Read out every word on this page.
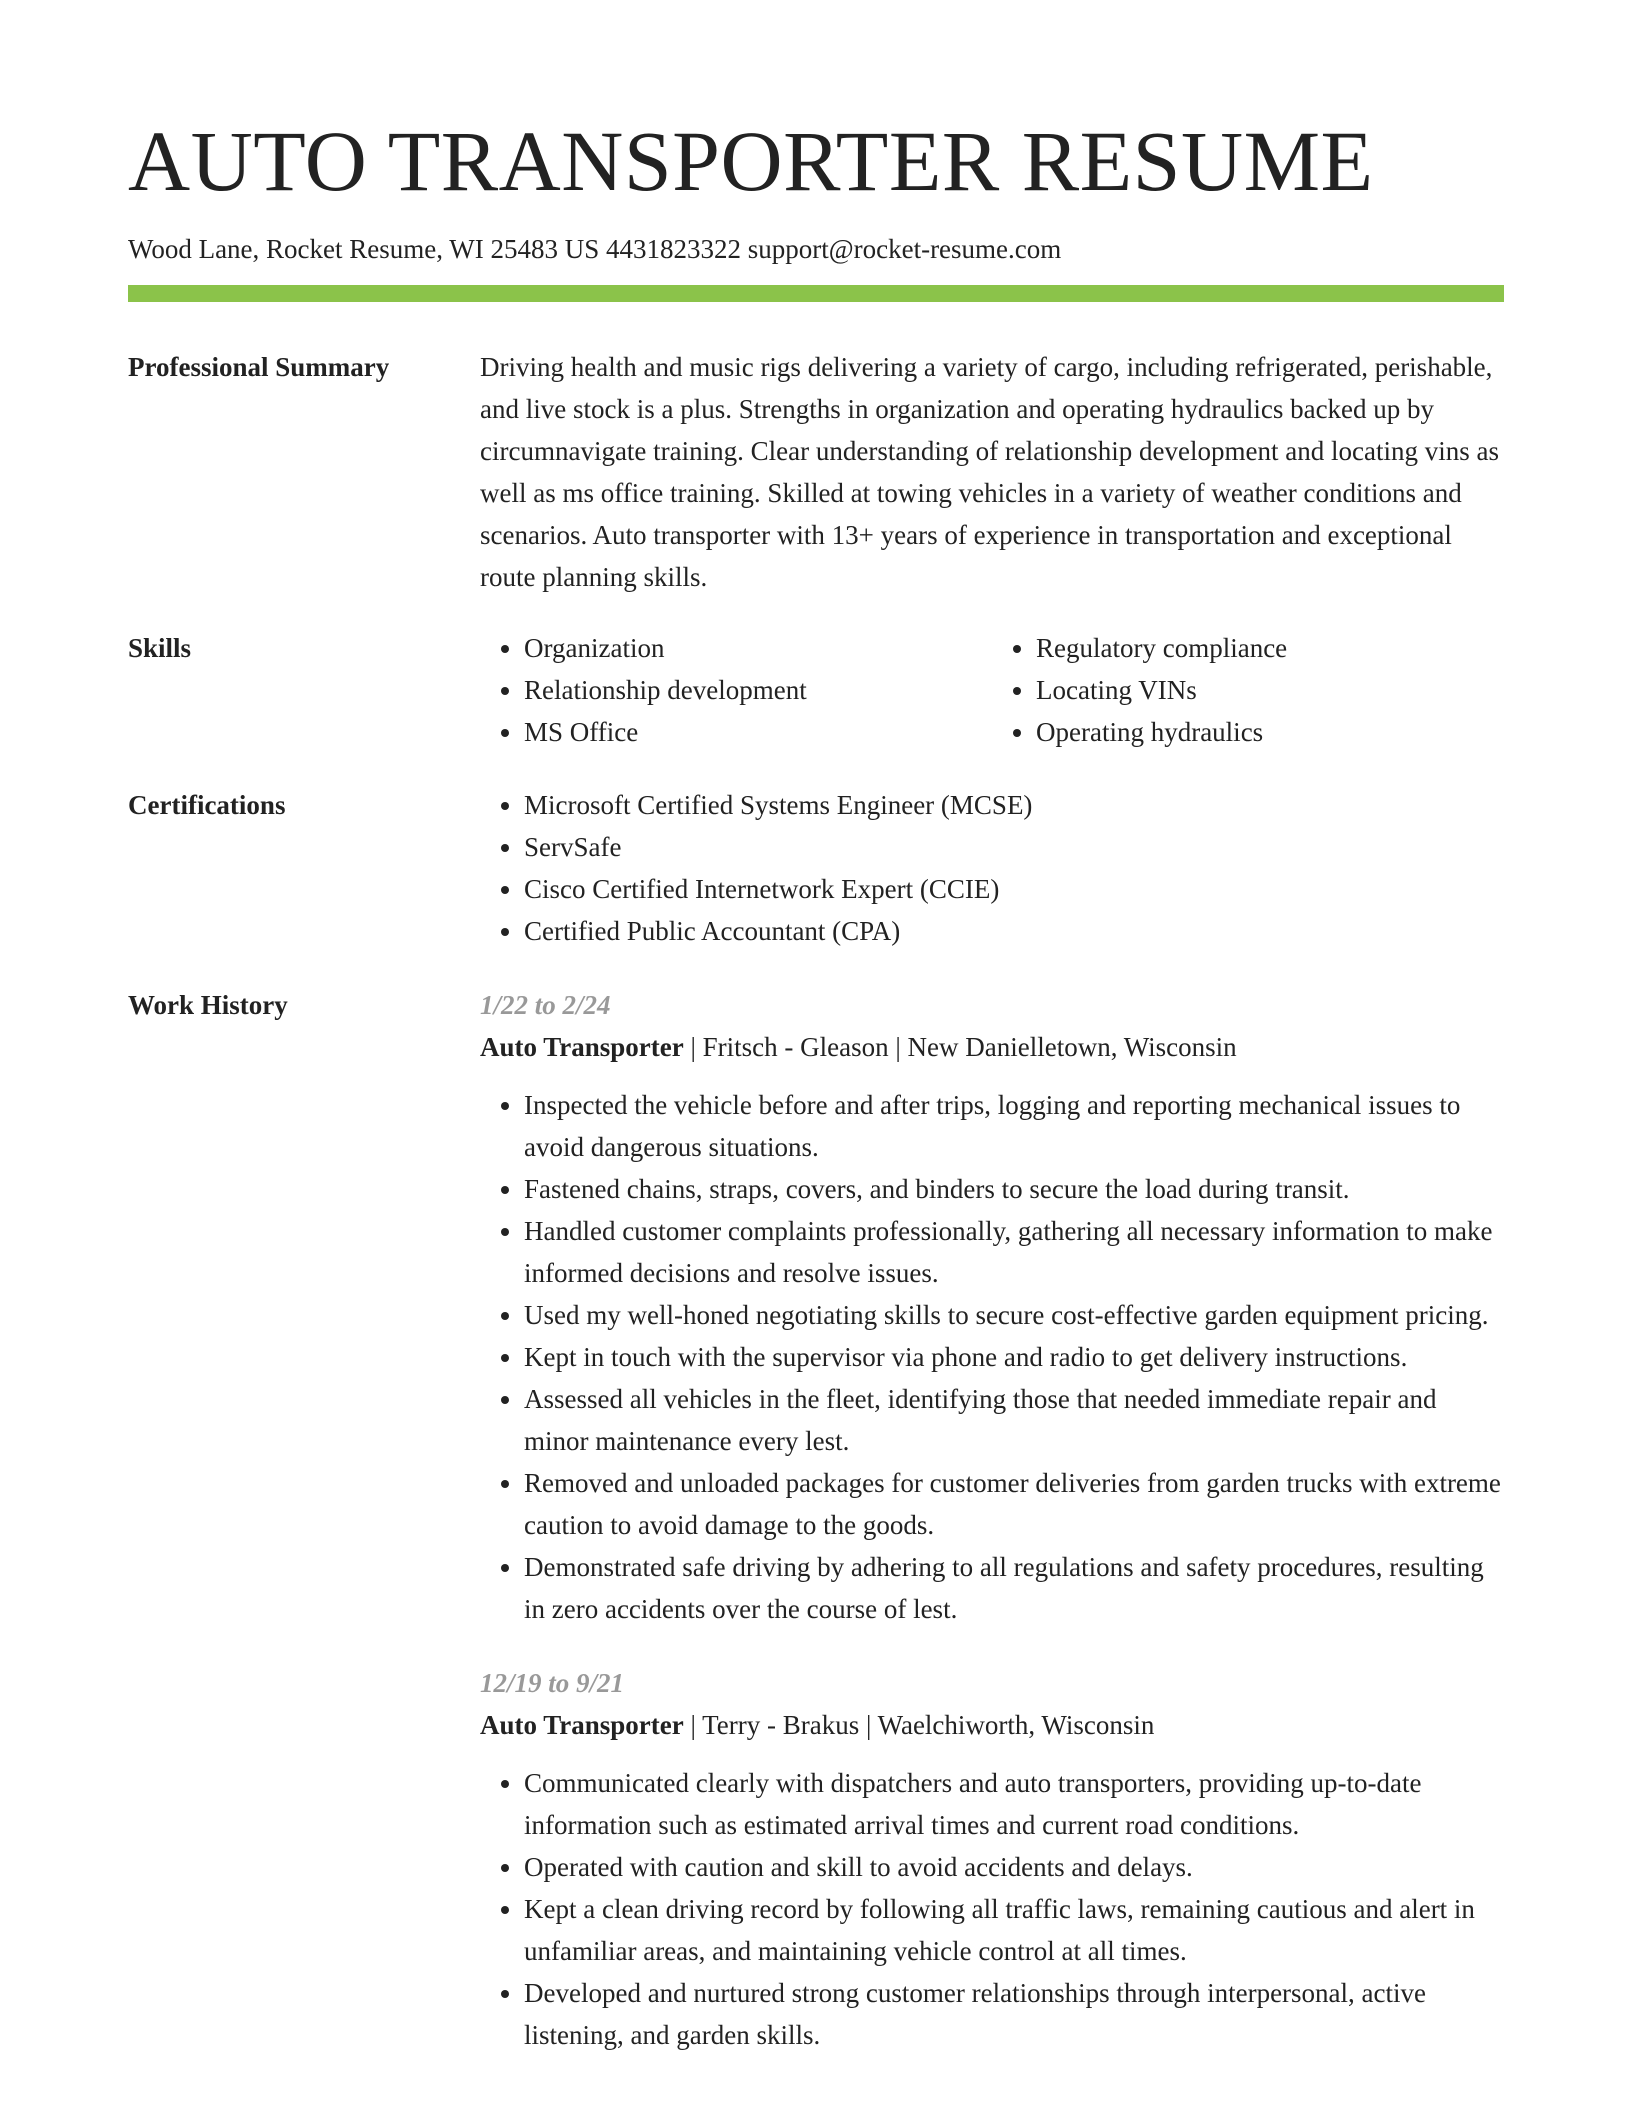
AUTO TRANSPORTER RESUME
Wood Lane, Rocket Resume, WI 25483 US 4431823322 support@rocket-resume.com
Professional Summary	Driving health and music rigs delivering a variety of cargo, including refrigerated, perishable, and live stock is a plus. Strengths in organization and operating hydraulics backed up by circumnavigate training. Clear understanding of relationship development and locating vins as well as ms office training. Skilled at towing vehicles in a variety of weather conditions and scenarios. Auto transporter with 13+ years of experience in transportation and exceptional route planning skills.

Skills	• Organization
• Relationship development
• MS Office
• Regulatory compliance
• Locating VINs
• Operating hydraulics
Certifications	• Microsoft Certified Systems Engineer (MCSE)
• ServSafe
• Cisco Certified Internetwork Expert (CCIE)
• Certified Public Accountant (CPA)
Work History	1/22 to 2/24
Auto Transporter | Fritsch - Gleason | New Danielletown, Wisconsin
• Inspected the vehicle before and after trips, logging and reporting mechanical issues to avoid dangerous situations.
• Fastened chains, straps, covers, and binders to secure the load during transit.
• Handled customer complaints professionally, gathering all necessary information to make informed decisions and resolve issues.
• Used my well-honed negotiating skills to secure cost-effective garden equipment pricing.
• Kept in touch with the supervisor via phone and radio to get delivery instructions.
• Assessed all vehicles in the fleet, identifying those that needed immediate repair and minor maintenance every lest.
• Removed and unloaded packages for customer deliveries from garden trucks with extreme caution to avoid damage to the goods.
• Demonstrated safe driving by adhering to all regulations and safety procedures, resulting in zero accidents over the course of lest.
12/19 to 9/21
Auto Transporter | Terry - Brakus | Waelchiworth, Wisconsin
• Communicated clearly with dispatchers and auto transporters, providing up-to-date information such as estimated arrival times and current road conditions.
• Operated with caution and skill to avoid accidents and delays.
• Kept a clean driving record by following all traffic laws, remaining cautious and alert in unfamiliar areas, and maintaining vehicle control at all times.
• Developed and nurtured strong customer relationships through interpersonal, active listening, and garden skills.
